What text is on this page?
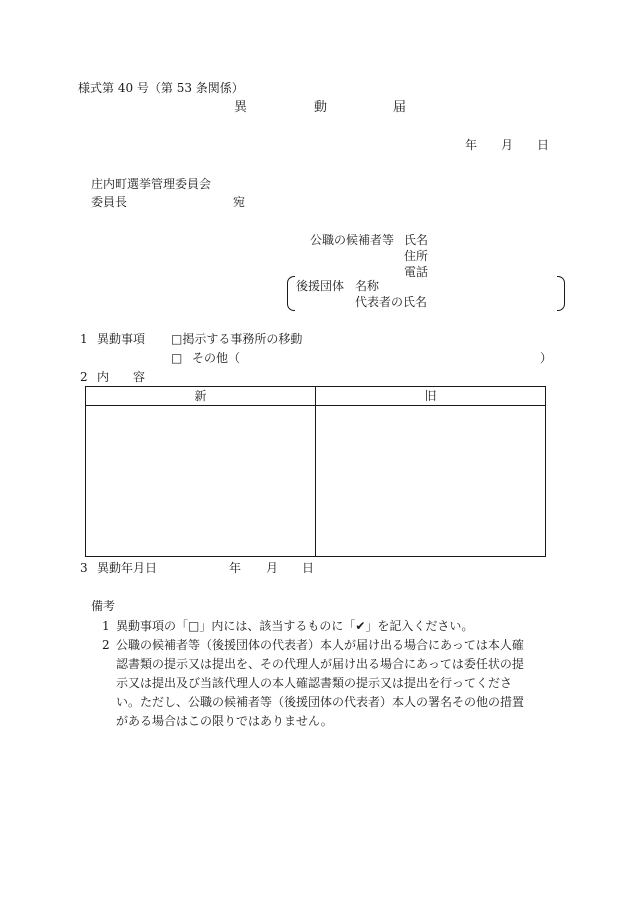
様式第 40 号（第 53 条関係）
異	動	届
年 月 日
庄内町選挙管理委員会
委員長	宛
公職の候補者等 氏名
住所
電話
後援団体 名称
代表者の氏名
1 異動事項 □掲示する事務所の移動
□ その他（	）
2 内　　容
新	旧

3 異動年月日	年 月 日
備考
1 異動事項の「□」内には、該当するものに「✔」を記入ください。
2 公職の候補者等（後援団体の代表者）本人が届け出る場合にあっては本人確認書類の提示又は提出を、その代理人が届け出る場合にあっては委任状の提示又は提出及び当該代理人の本人確認書類の提示又は提出を行ってください。ただし、公職の候補者等（後援団体の代表者）本人の署名その他の措置がある場合はこの限りではありません。
